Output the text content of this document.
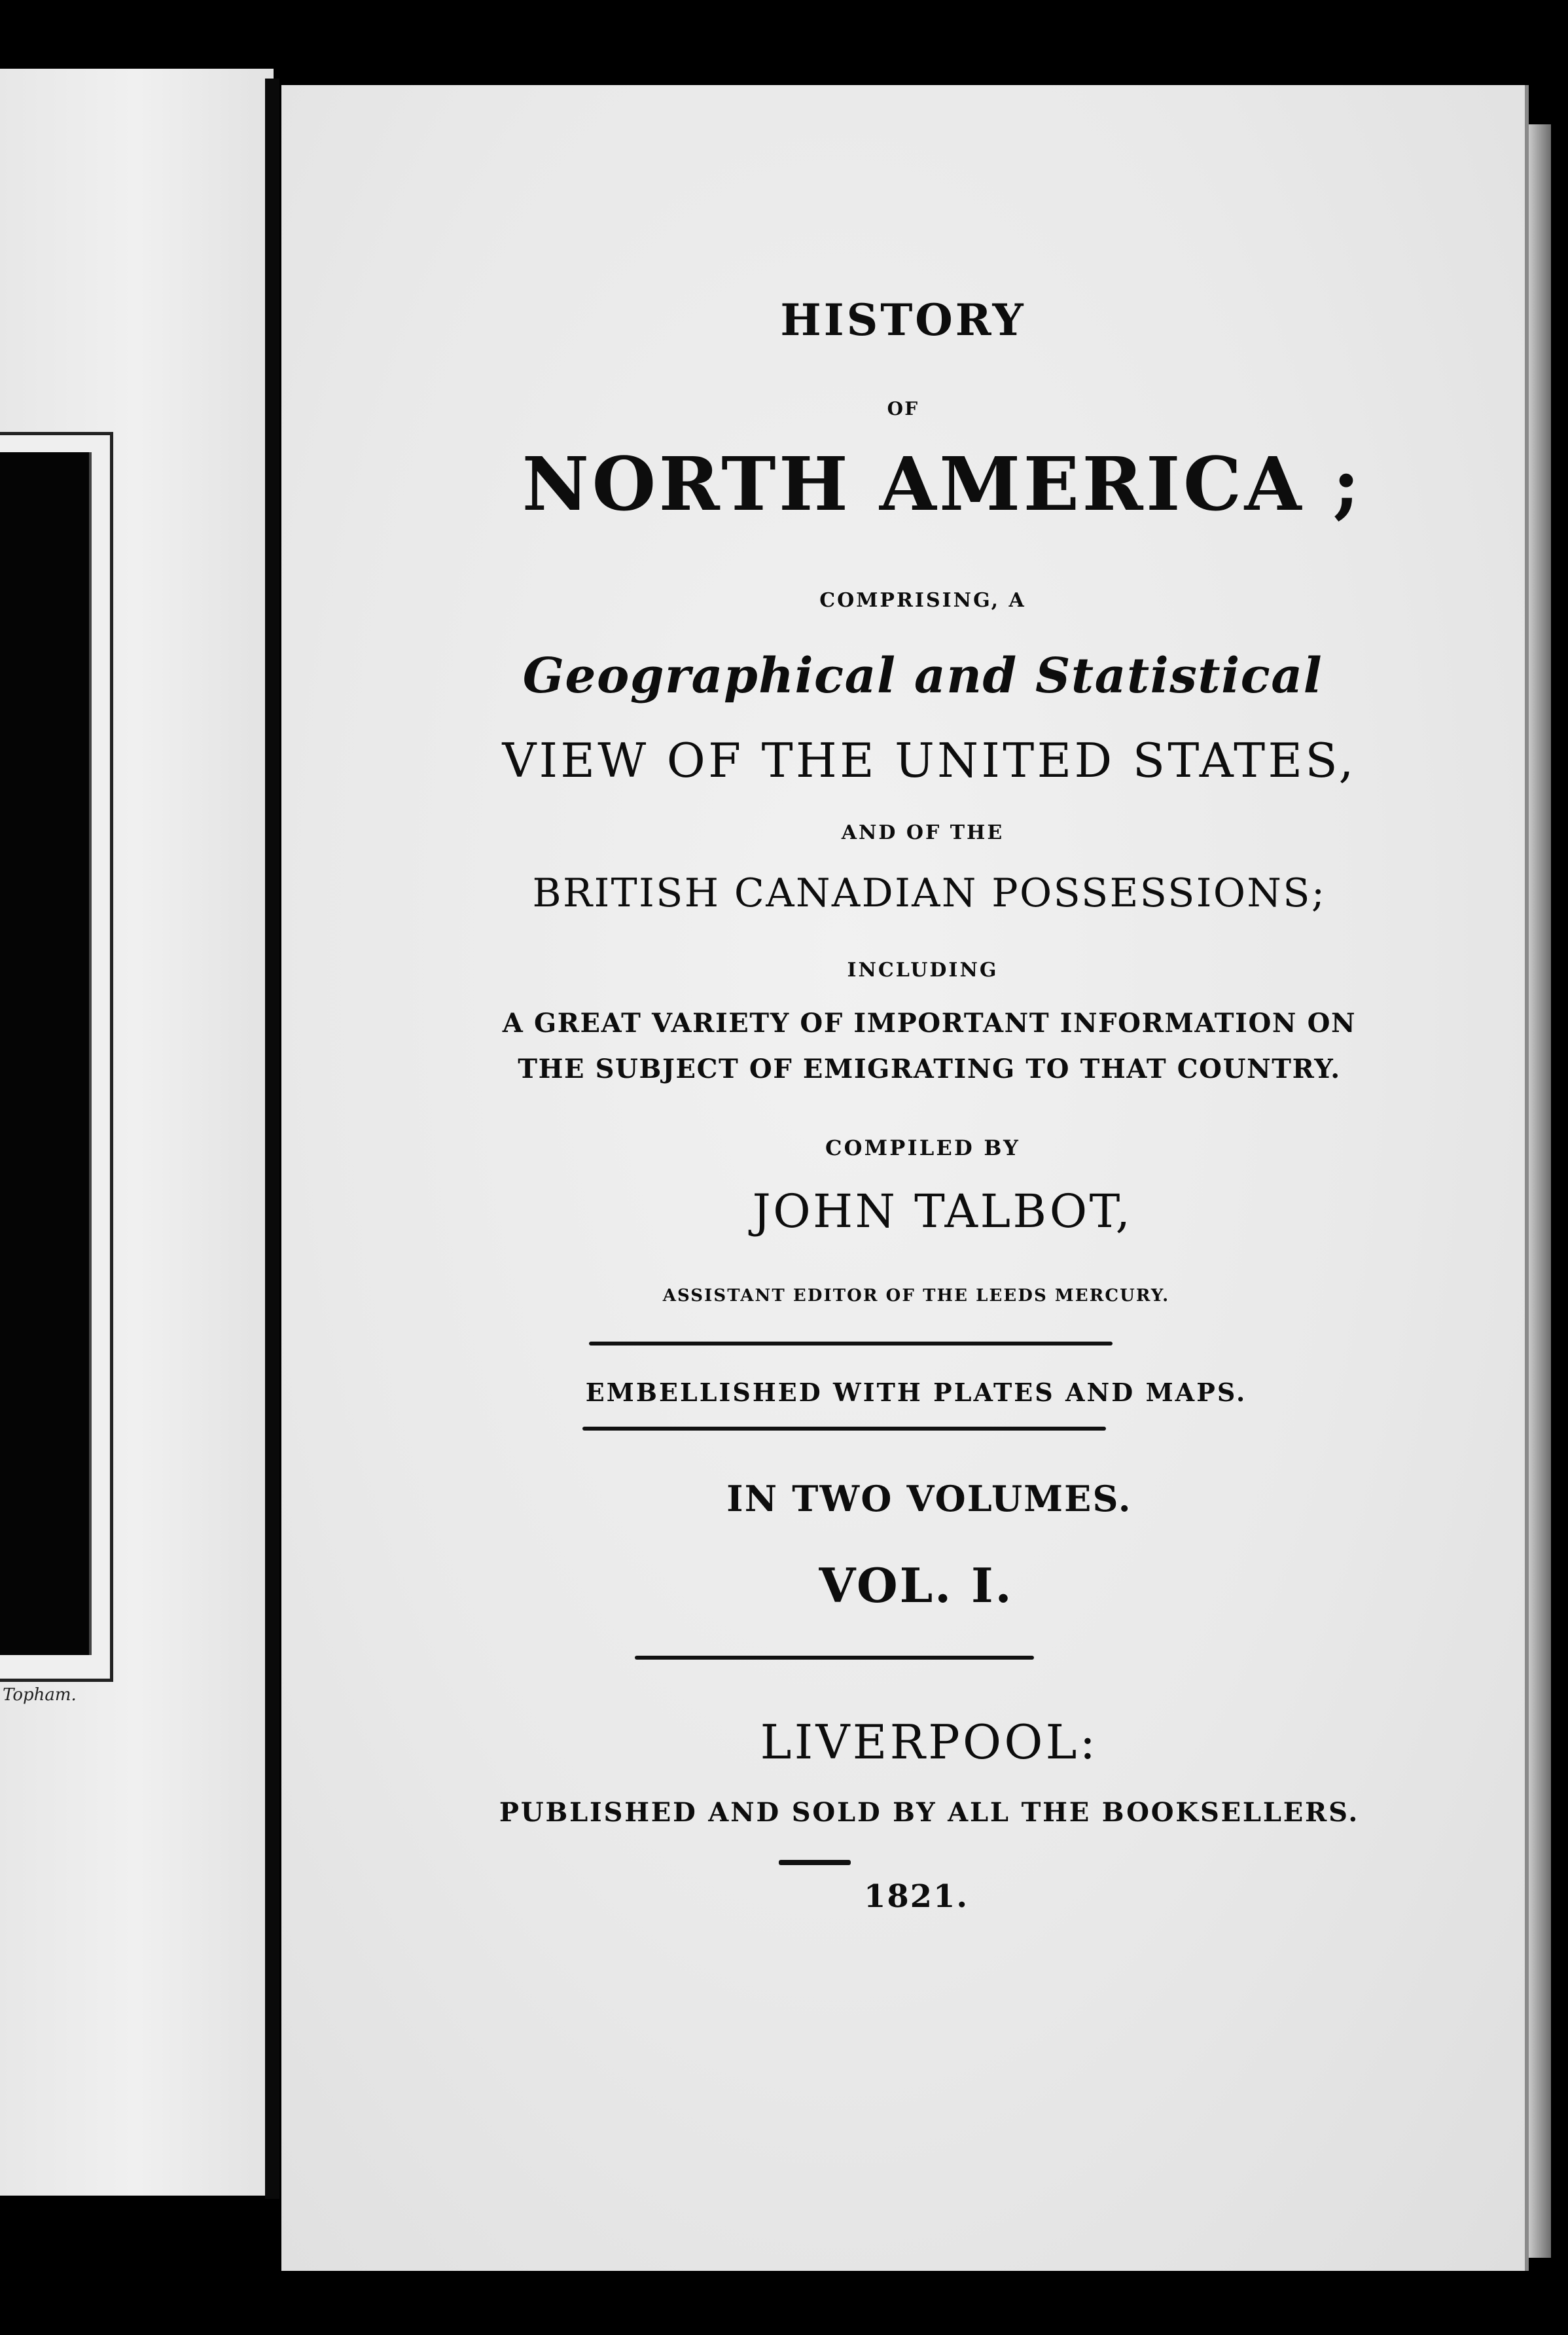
Topham.
HISTORY
OF
NORTH AMERICA ;
COMPRISING, A
Geographical and Statistical
VIEW OF THE UNITED STATES,
AND OF THE
BRITISH CANADIAN POSSESSIONS;
INCLUDING
A GREAT VARIETY OF IMPORTANT INFORMATION ON
THE SUBJECT OF EMIGRATING TO THAT COUNTRY.
COMPILED BY
JOHN TALBOT,
ASSISTANT EDITOR OF THE LEEDS MERCURY.
EMBELLISHED WITH PLATES AND MAPS.
IN TWO VOLUMES.
VOL. I.
LIVERPOOL:
PUBLISHED AND SOLD BY ALL THE BOOKSELLERS.
1821.
